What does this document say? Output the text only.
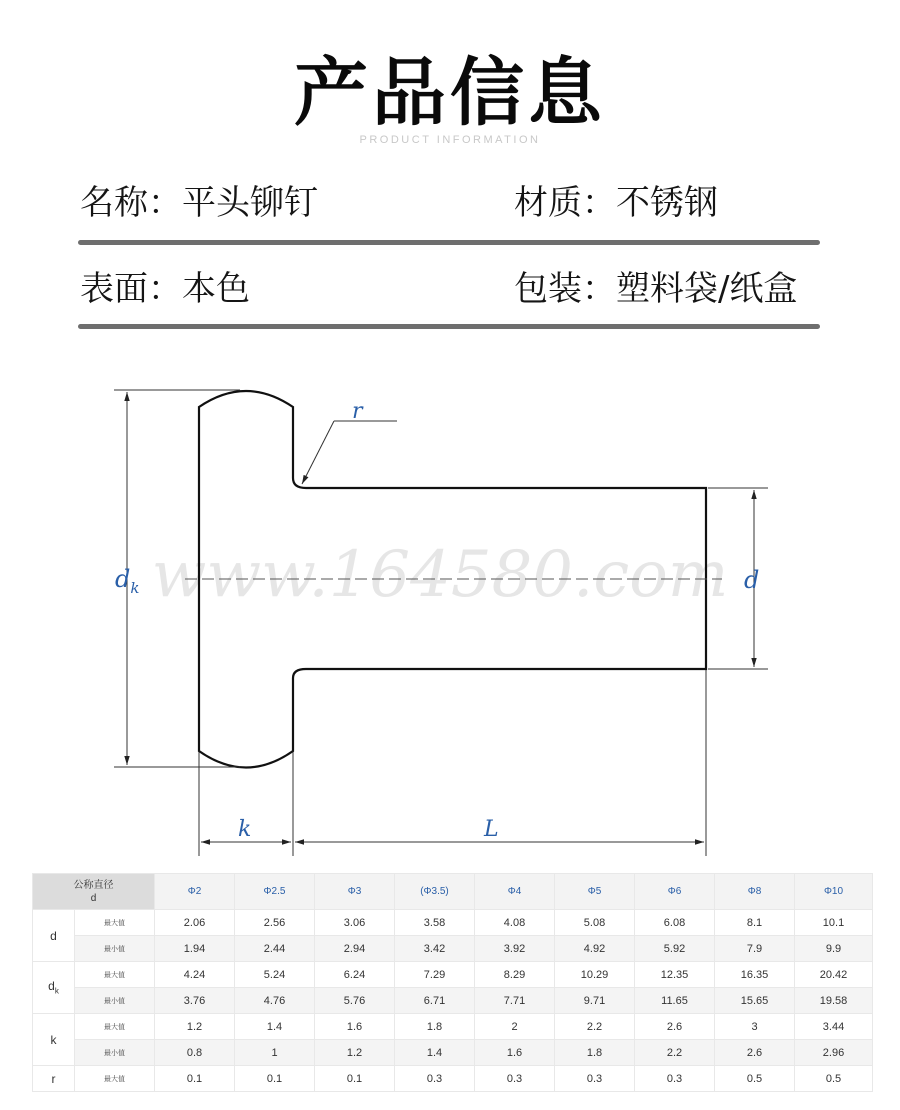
产品信息
PRODUCT INFORMATION
名称：平头铆钉	材质：不锈钢
表面：本色	包装：塑料袋/纸盒
www.164580.com
$d_k$	d
r
k	L
公称直径
d		Φ2	Φ2.5	Φ3	(Φ3.5)	Φ4	Φ5	Φ6	Φ8	Φ10
d	最大值	2.06	2.56	3.06	3.58	4.08	5.08	6.08	8.1	10.1
	最小值	1.94	2.44	2.94	3.42	3.92	4.92	5.92	7.9	9.9
$d_k$	最大值	4.24	5.24	6.24	7.29	8.29	10.29	12.35	16.35	20.42
	最小值	3.76	4.76	5.76	6.71	7.71	9.71	11.65	15.65	19.58
k	最大值	1.2	1.4	1.6	1.8	2	2.2	2.6	3	3.44
	最小值	0.8	1	1.2	1.4	1.6	1.8	2.2	2.6	2.96
r	最大值	0.1	0.1	0.1	0.3	0.3	0.3	0.3	0.5	0.5
